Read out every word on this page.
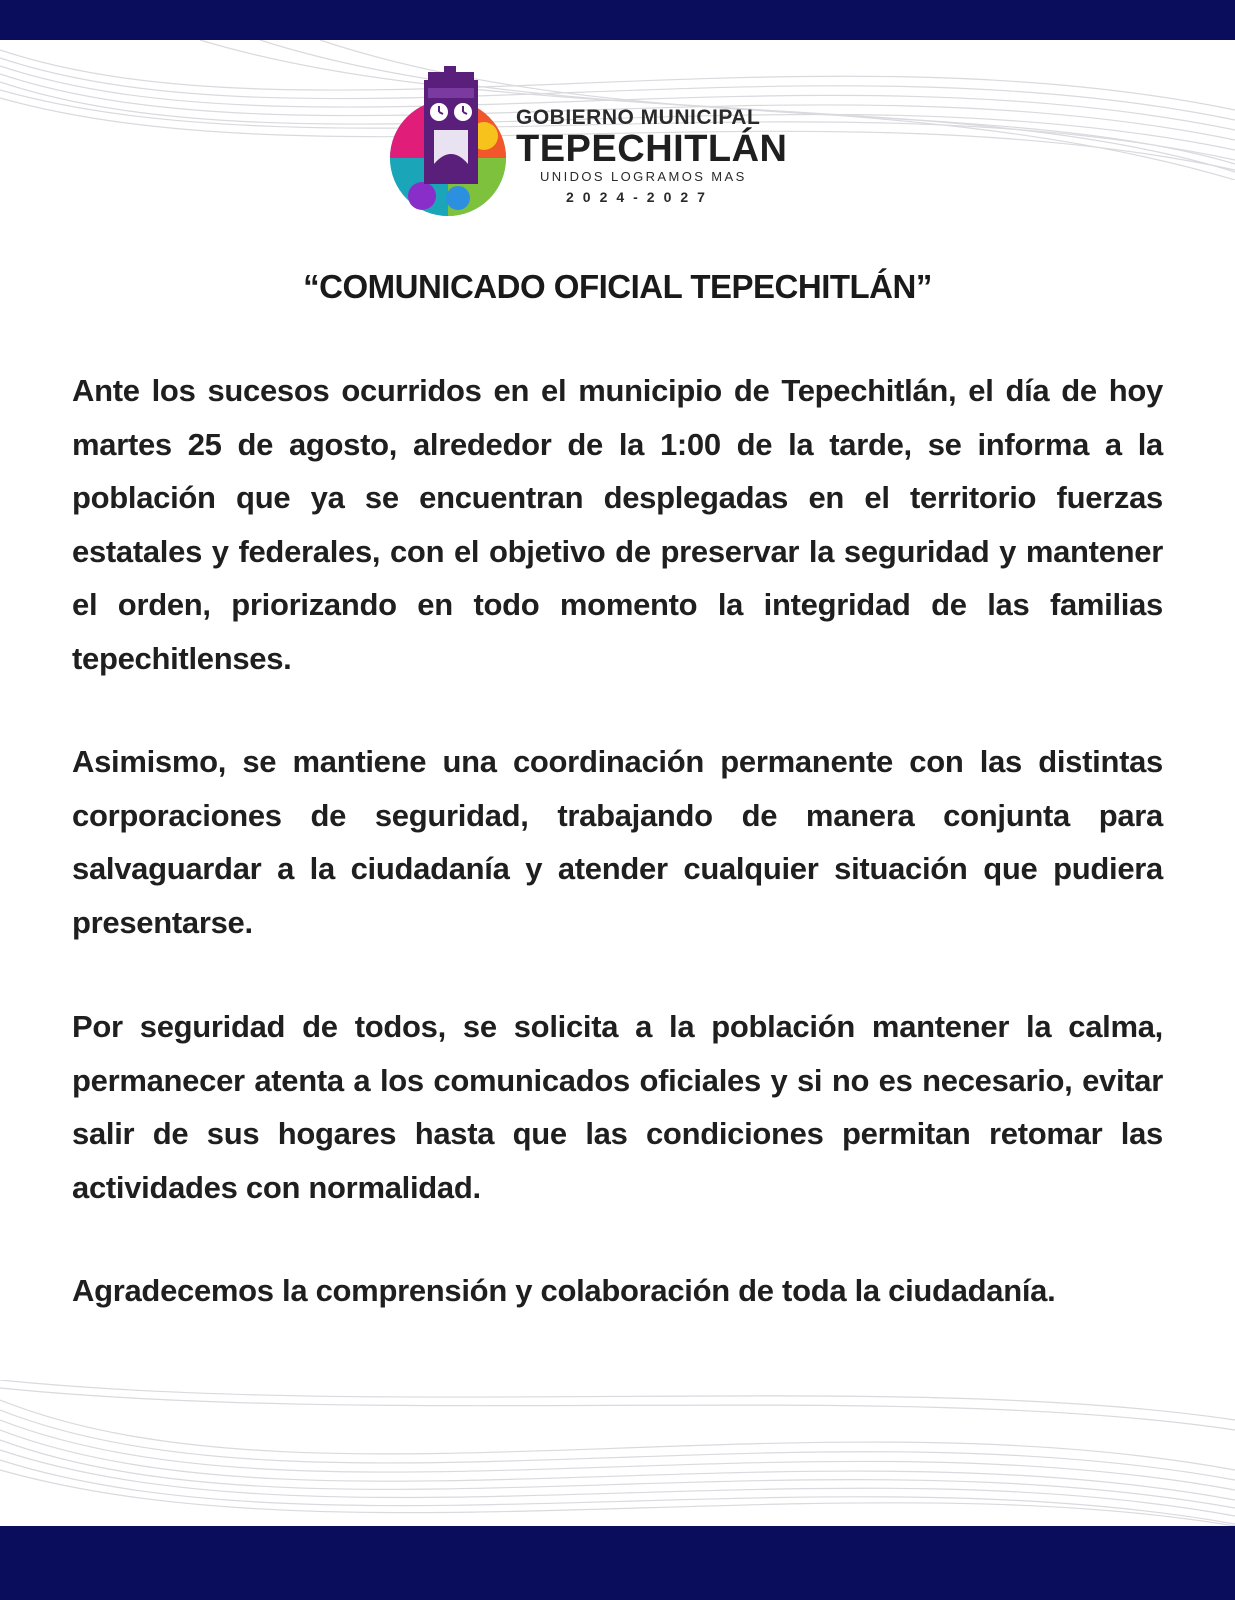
GOBIERNO MUNICIPAL
TEPECHITLÁN
UNIDOS LOGRAMOS MAS
2024-2027
“COMUNICADO OFICIAL TEPECHITLÁN”

Ante los sucesos ocurridos en el municipio de Tepechitlán, el día de hoy martes 25 de agosto, alrededor de la 1:00 de la tarde, se informa a la población que ya se encuentran desplegadas en el territorio fuerzas estatales y federales, con el objetivo de preservar la seguridad y mantener el orden, priorizando en todo momento la integridad de las familias tepechitlenses.

Asimismo, se mantiene una coordinación permanente con las distintas corporaciones de seguridad, trabajando de manera conjunta para salvaguardar a la ciudadanía y atender cualquier situación que pudiera presentarse.

Por seguridad de todos, se solicita a la población mantener la calma, permanecer atenta a los comunicados oficiales y si no es necesario, evitar salir de sus hogares hasta que las condiciones permitan retomar las actividades con normalidad.

Agradecemos la comprensión y colaboración de toda la ciudadanía.
